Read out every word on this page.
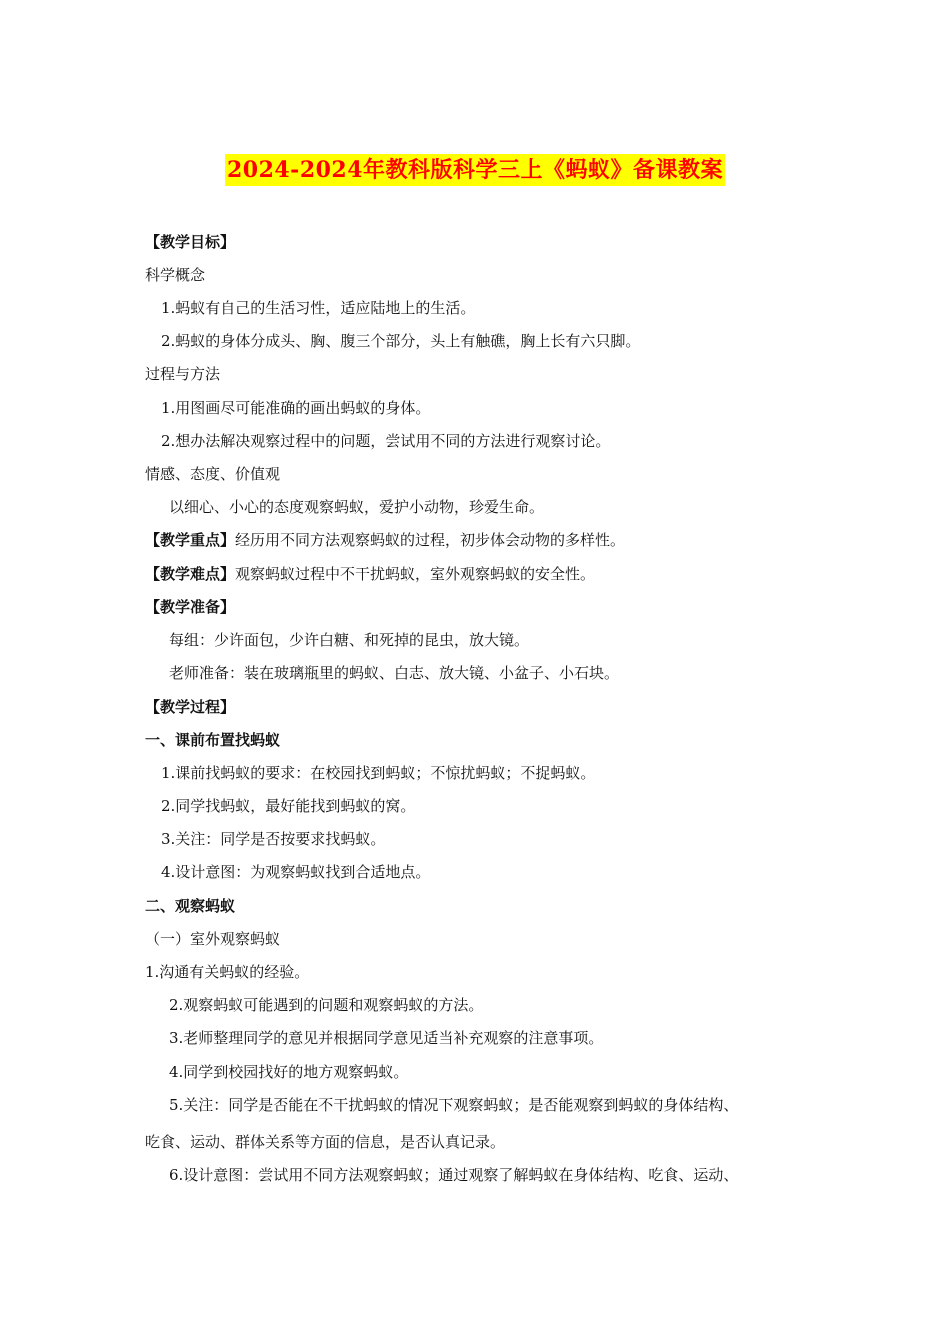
2024-2024年教科版科学三上《蚂蚁》备课教案
【教学目标】
科学概念
1.蚂蚁有自己的生活习性，适应陆地上的生活。
2.蚂蚁的身体分成头、胸、腹三个部分，头上有触礁，胸上长有六只脚。
过程与方法
1.用图画尽可能准确的画出蚂蚁的身体。
2.想办法解决观察过程中的问题，尝试用不同的方法进行观察讨论。
情感、态度、价值观
以细心、小心的态度观察蚂蚁，爱护小动物，珍爱生命。
【教学重点】经历用不同方法观察蚂蚁的过程，初步体会动物的多样性。
【教学难点】观察蚂蚁过程中不干扰蚂蚁，室外观察蚂蚁的安全性。
【教学准备】
每组：少许面包，少许白糖、和死掉的昆虫，放大镜。
老师准备：装在玻璃瓶里的蚂蚁、白志、放大镜、小盆子、小石块。
【教学过程】
一、课前布置找蚂蚁
1.课前找蚂蚁的要求：在校园找到蚂蚁；不惊扰蚂蚁；不捉蚂蚁。
2.同学找蚂蚁，最好能找到蚂蚁的窝。
3.关注：同学是否按要求找蚂蚁。
4.设计意图：为观察蚂蚁找到合适地点。
二、观察蚂蚁
（一）室外观察蚂蚁
1.沟通有关蚂蚁的经验。
2.观察蚂蚁可能遇到的问题和观察蚂蚁的方法。
3.老师整理同学的意见并根据同学意见适当补充观察的注意事项。
4.同学到校园找好的地方观察蚂蚁。
5.关注：同学是否能在不干扰蚂蚁的情况下观察蚂蚁；是否能观察到蚂蚁的身体结构、
吃食、运动、群体关系等方面的信息，是否认真记录。
6.设计意图：尝试用不同方法观察蚂蚁；通过观察了解蚂蚁在身体结构、吃食、运动、
